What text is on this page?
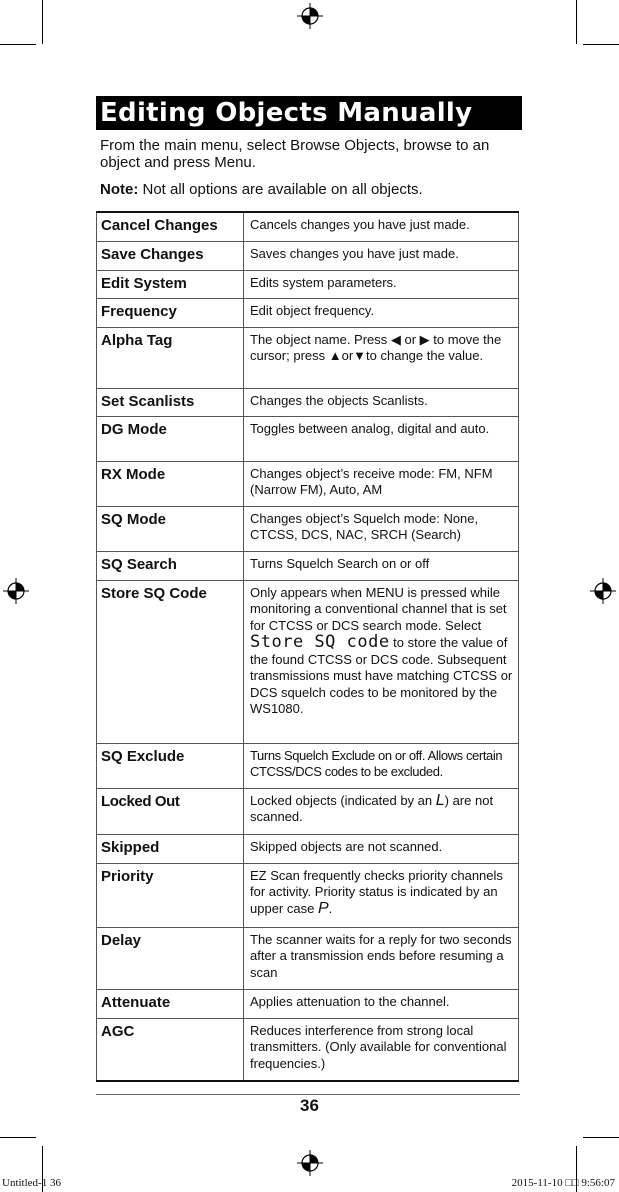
Editing Objects Manually
From the main menu, select Browse Objects, browse to an object and press Menu.
Note: Not all options are available on all objects.
Cancel Changes	Cancels changes you have just made.
Save Changes	Saves changes you have just made.
Edit System	Edits system parameters.
Frequency	Edit object frequency.
Alpha Tag	The object name. Press ◀ or ▶ to move the cursor; press ▲or▼to change the value.
Set Scanlists	Changes the objects Scanlists.
DG Mode	Toggles between analog, digital and auto.
RX Mode	Changes object’s receive mode: FM, NFM (Narrow FM), Auto, AM
SQ Mode	Changes object’s Squelch mode: None, CTCSS, DCS, NAC, SRCH (Search)
SQ Search	Turns Squelch Search on or off
Store SQ Code	Only appears when MENU is pressed while monitoring a conventional channel that is set for CTCSS or DCS search mode. Select Store SQ code to store the value of the found CTCSS or DCS code. Subsequent transmissions must have matching CTCSS or DCS squelch codes to be monitored by the WS1080.
SQ Exclude	Turns Squelch Exclude on or off. Allows certain CTCSS/DCS codes to be excluded.
Locked Out	Locked objects (indicated by an L) are not scanned.
Skipped	Skipped objects are not scanned.
Priority	EZ Scan frequently checks priority channels for activity. Priority status is indicated by an upper case P.
Delay	The scanner waits for a reply for two seconds after a transmission ends before resuming a scan
Attenuate	Applies attenuation to the channel.
AGC	Reduces interference from strong local transmitters. (Only available for conventional frequencies.)
36
Untitled-1 36	2015-11-10 □□ 9:56:07
